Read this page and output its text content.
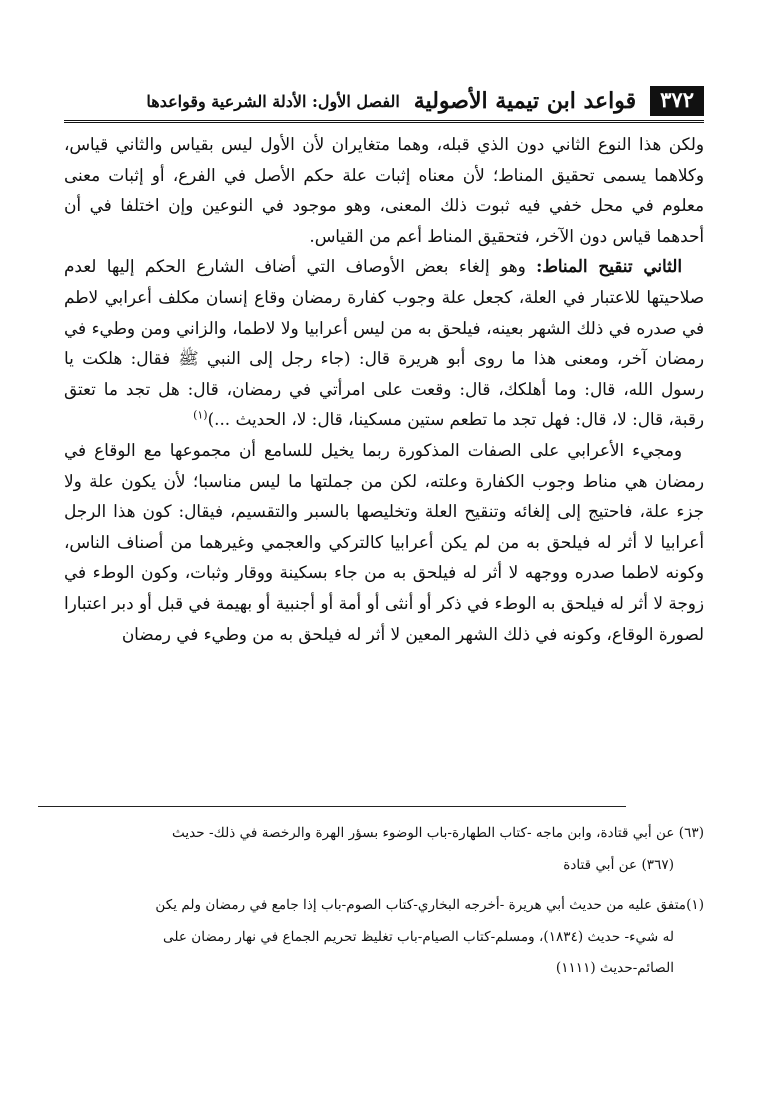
٣٧٢
قواعد ابن تيمية الأصولية
الفصل الأول: الأدلة الشرعية وقواعدها

ولكن هذا النوع الثاني دون الذي قبله، وهما متغايران لأن الأول ليس بقياس والثاني قياس، وكلاهما يسمى تحقيق المناط؛ لأن معناه إثبات علة حكم الأصل في الفرع، أو إثبات معنى معلوم في محل خفي فيه ثبوت ذلك المعنى، وهو موجود في النوعين وإن اختلفا في أن أحدهما قياس دون الآخر، فتحقيق المناط أعم من القياس.

الثاني تنقيح المناط: وهو إلغاء بعض الأوصاف التي أضاف الشارع الحكم إليها لعدم صلاحيتها للاعتبار في العلة، كجعل علة وجوب كفارة رمضان وقاع إنسان مكلف أعرابي لاطم في صدره في ذلك الشهر بعينه، فيلحق به من ليس أعرابيا ولا لاطما، والزاني ومن وطيء في رمضان آخر، ومعنى هذا ما روى أبو هريرة قال: (جاء رجل إلى النبي ﷺ فقال: هلكت يا رسول الله، قال: وما أهلكك، قال: وقعت على امرأتي في رمضان، قال: هل تجد ما تعتق رقبة، قال: لا، قال: فهل تجد ما تطعم ستين مسكينا، قال: لا، الحديث ...)$^{(١)}$

ومجيء الأعرابي على الصفات المذكورة ربما يخيل للسامع أن مجموعها مع الوقاع في رمضان هي مناط وجوب الكفارة وعلته، لكن من جملتها ما ليس مناسبا؛ لأن يكون علة ولا جزء علة، فاحتيج إلى إلغائه وتنقيح العلة وتخليصها بالسبر والتقسيم، فيقال: كون هذا الرجل أعرابيا لا أثر له فيلحق به من لم يكن أعرابيا كالتركي والعجمي وغيرهما من أصناف الناس، وكونه لاطما صدره ووجهه لا أثر له فيلحق به من جاء بسكينة ووقار وثبات، وكون الوطء في زوجة لا أثر له فيلحق به الوطء في ذكر أو أنثى أو أمة أو أجنبية أو بهيمة في قبل أو دبر اعتبارا لصورة الوقاع، وكونه في ذلك الشهر المعين لا أثر له فيلحق به من وطيء في رمضان

(٦٣) عن أبي قتادة، وابن ماجه -كتاب الطهارة-باب الوضوء بسؤر الهرة والرخصة في ذلك- حديث

(٣٦٧) عن أبي قتادة

(١)متفق عليه من حديث أبي هريرة -أخرجه البخاري-كتاب الصوم-باب إذا جامع في رمضان ولم يكن

له شيء- حديث (١٨٣٤)، ومسلم-كتاب الصيام-باب تغليظ تحريم الجماع في نهار رمضان على

الصائم-حديث (١١١١)
